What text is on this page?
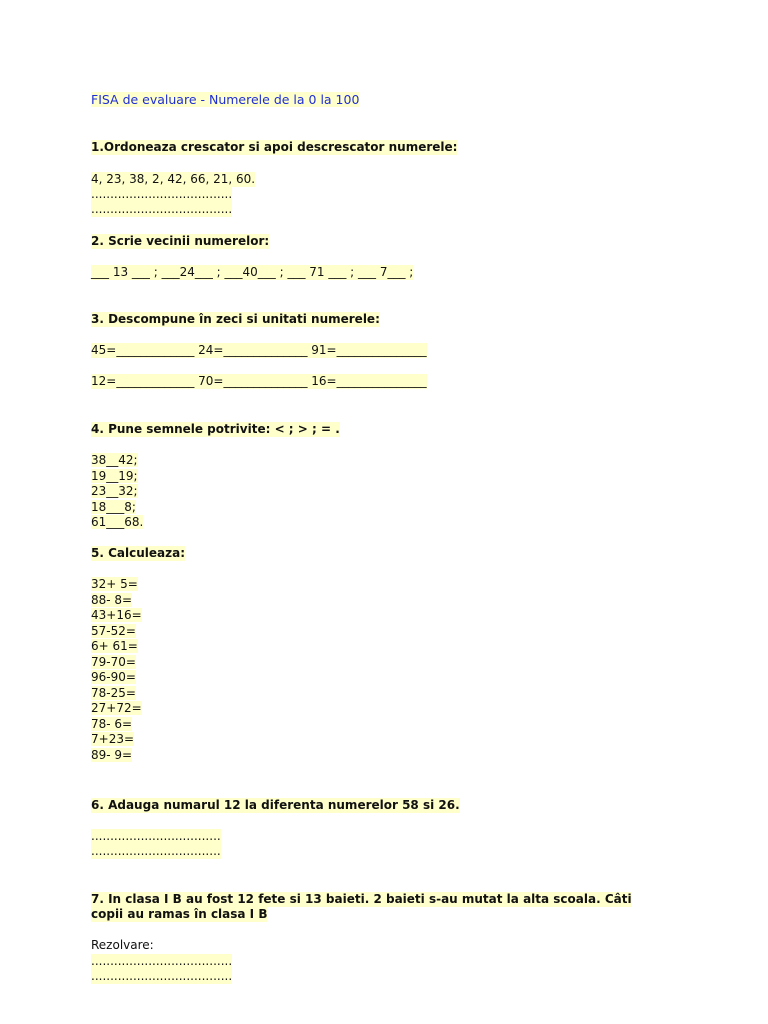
FISA de evaluare - Numerele de la 0 la 100
1.Ordoneaza crescator si apoi descrescator numerele:
4, 23, 38, 2, 42, 66, 21, 60.
.....................................
.....................................
2. Scrie vecinii numerelor:
___ 13 ___ ; ___24___ ; ___40___ ; ___ 71 ___ ; ___ 7___ ;
3. Descompune în zeci si unitati numerele:
45=_____________ 24=______________ 91=_______________
12=_____________ 70=______________ 16=_______________
4. Pune semnele potrivite: < ; > ; = .
38__42;
19__19;
23__32;
18___8;
61___68.
5. Calculeaza:
32+ 5=
88- 8=
43+16=
57-52=
6+ 61=
79-70=
96-90=
78-25=
27+72=
78- 6=
7+23=
89- 9=
6. Adauga numarul 12 la diferenta numerelor 58 si 26.
..................................
..................................
7. In clasa I B au fost 12 fete si 13 baieti. 2 baieti s-au mutat la alta scoala. Câti
copii au ramas în clasa I B
Rezolvare:
.....................................
.....................................
